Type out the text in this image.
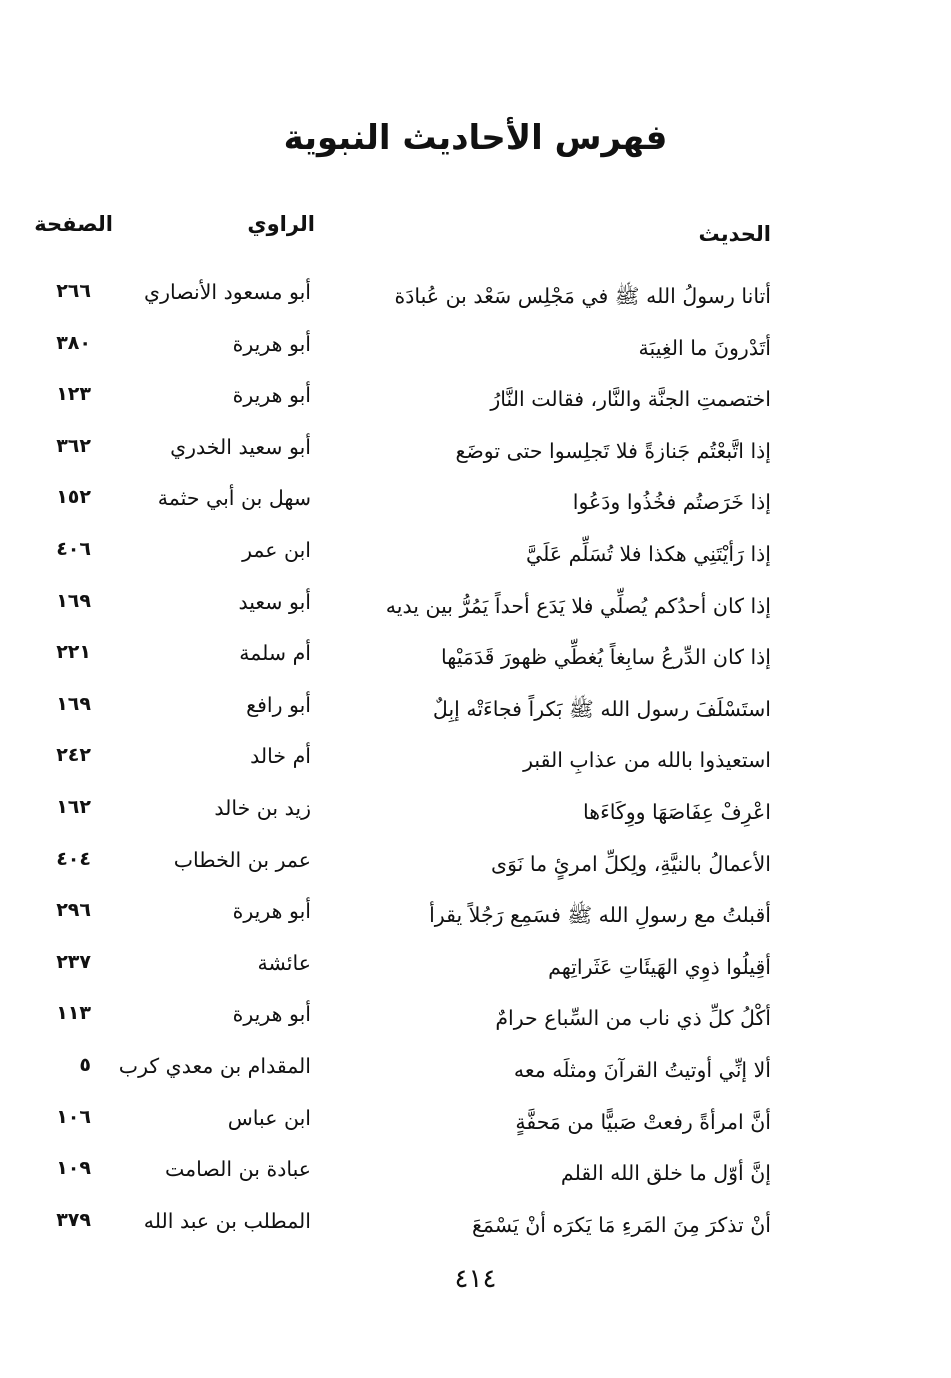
فهرس الأحاديث النبوية
الحديث
الراوي
الصفحة
أتانا رسولُ الله ﷺ في مَجْلِس سَعْد بن عُبادَة
أبو مسعود الأنصاري
٢٦٦
أتَدْرونَ ما الغِيبَة
أبو هريرة
٣٨٠
اختصمتِ الجنَّة والنَّار، فقالت النَّارُ
أبو هريرة
١٢٣
إذا اتَّبعْتُم جَنازةً فلا تَجلِسوا حتى توضَع
أبو سعيد الخدري
٣٦٢
إذا خَرَصتُم فخُذُوا ودَعُوا
سهل بن أبي حثمة
١٥٢
إذا رَأيْتَنِي هكذا فلا تُسَلِّم عَلَيَّ
ابن عمر
٤٠٦
إذا كان أحدُكم يُصلِّي فلا يَدَع أحداً يَمُرُّ بين يديه
أبو سعيد
١٦٩
إذا كان الدِّرعُ سابِغاً يُغطِّي ظهورَ قَدَمَيْها
أم سلمة
٢٢١
استَسْلَفَ رسول الله ﷺ بَكراً فجاءَتْه إبِلٌ
أبو رافع
١٦٩
استعيذوا بالله من عذابِ القبر
أم خالد
٢٤٢
اعْرِفْ عِفَاصَهَا ووِكَاءَها
زيد بن خالد
١٦٢
الأعمالُ بالنيَّةِ، ولِكلِّ امرئٍ ما نَوَى
عمر بن الخطاب
٤٠٤
أقبلتُ مع رسولِ الله ﷺ فسَمِع رَجُلاً يقرأ
أبو هريرة
٢٩٦
أقِيلُوا ذوِي الهَيئَاتِ عَثَراتِهم
عائشة
٢٣٧
أكْلُ كلِّ ذي ناب من السِّباع حرامٌ
أبو هريرة
١١٣
ألا إنِّي أوتيتُ القرآنَ ومثلَه معه
المقدام بن معدي كرب
٥
أنَّ امرأةً رفعتْ صَبيًّا من مَحفَّةٍ
ابن عباس
١٠٦
إنَّ أوّل ما خلق الله القلم
عبادة بن الصامت
١٠٩
أنْ تذكرَ مِنَ المَرءِ مَا يَكرَه أنْ يَسْمَعَ
المطلب بن عبد الله
٣٧٩
٤١٤
